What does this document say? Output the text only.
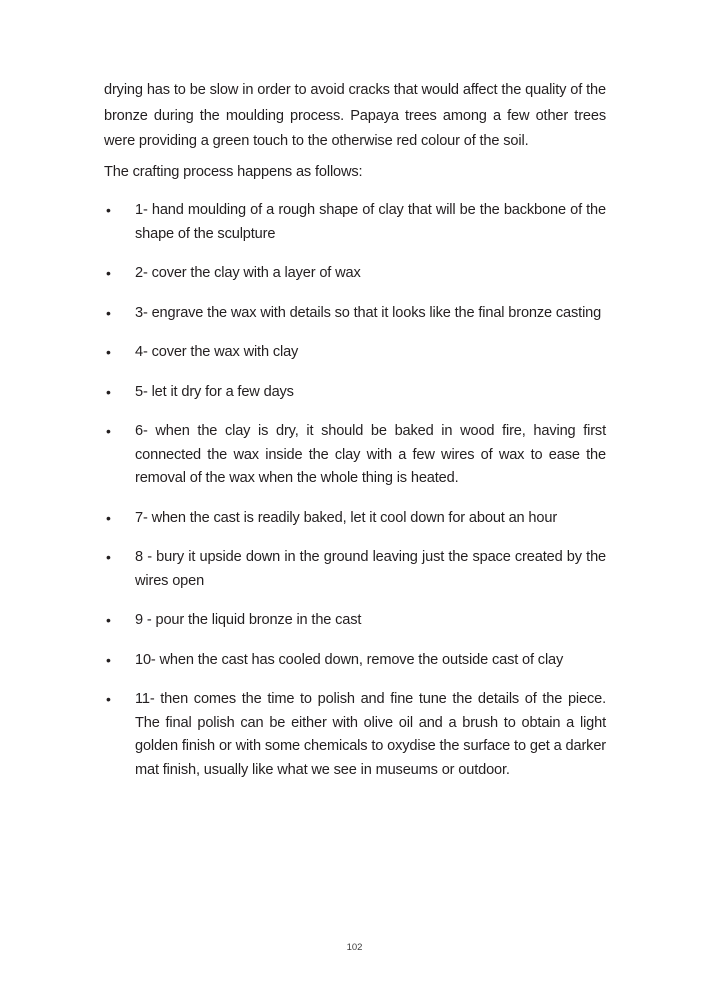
drying has to be slow in order to avoid cracks that would affect the quality of the bronze during the moulding process. Papaya trees among a few other trees were providing a green touch to the otherwise red colour of the soil.

The crafting process happens as follows:

•	1- hand moulding of a rough shape of clay that will be the backbone of the shape of the sculpture
•	2- cover the clay with a layer of wax
•	3- engrave the wax with details so that it looks like the final bronze casting
•	4- cover the wax with clay
•	5- let it dry for a few days
•	6- when the clay is dry, it should be baked in wood fire, having first connected the wax inside the clay with a few wires of wax to ease the removal of the wax when the whole thing is heated.
•	7- when the cast is readily baked, let it cool down for about an hour
•	8 - bury it upside down in the ground leaving just the space created by the wires open
•	9 - pour the liquid bronze in the cast
•	10- when the cast has cooled down, remove the outside cast of clay
•	11- then comes the time to polish and fine tune the details of the piece. The final polish can be either with olive oil and a brush to obtain a light golden finish or with some chemicals to oxydise the surface to get a darker mat finish, usually like what we see in museums or outdoor.
102
